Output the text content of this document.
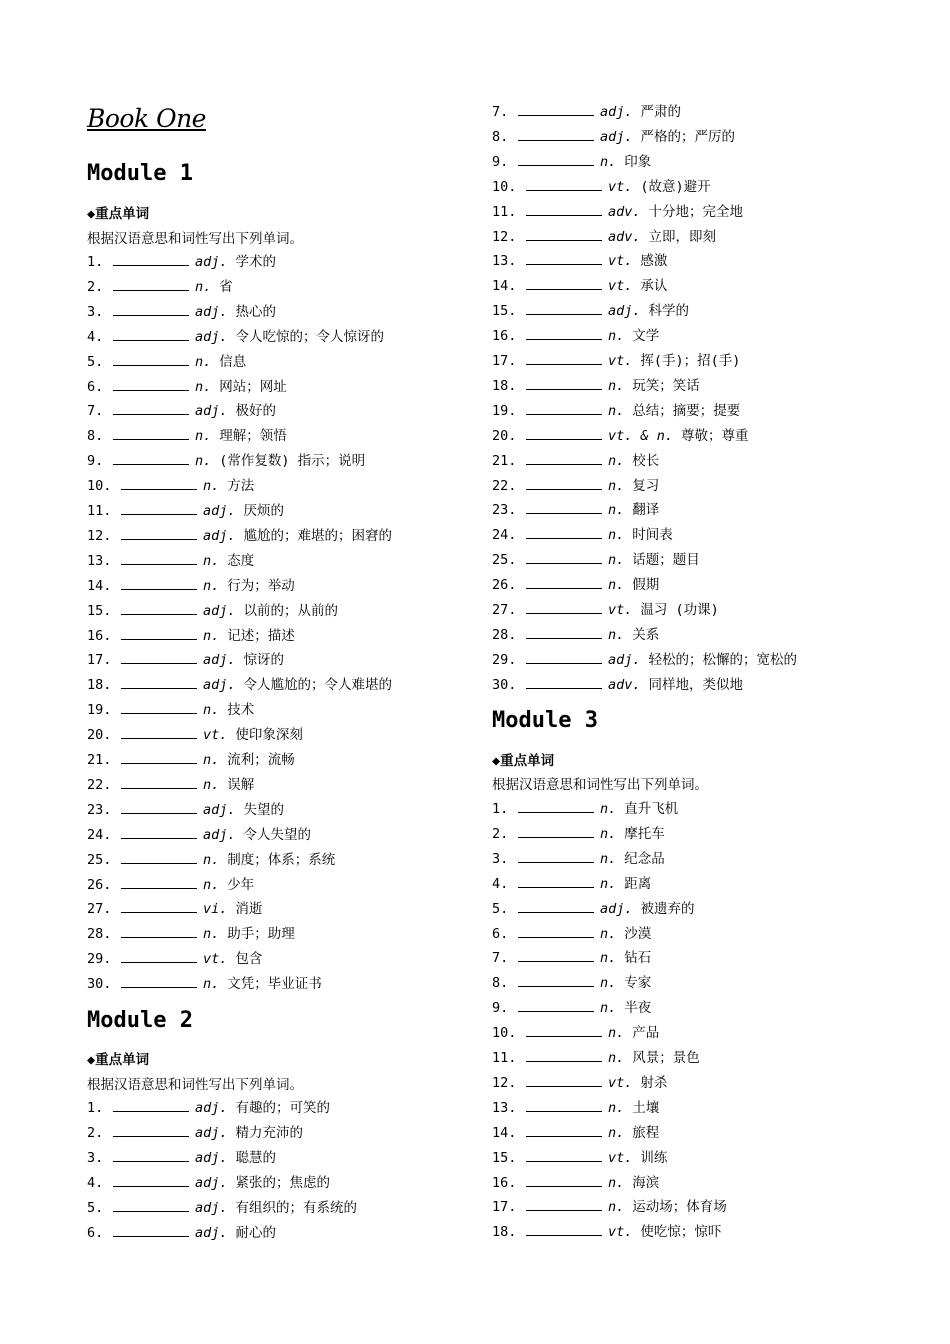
Book One
Module 1
◆重点单词
根据汉语意思和词性写出下列单词。
1.	adj. 学术的
2.	n. 省
3.	adj. 热心的
4.	adj. 令人吃惊的；令人惊讶的
5.	n. 信息
6.	n. 网站；网址
7.	adj. 极好的
8.	n. 理解；领悟
9.	n. (常作复数) 指示；说明
10.	n. 方法
11.	adj. 厌烦的
12.	adj. 尴尬的；难堪的；困窘的
13.	n. 态度
14.	n. 行为；举动
15.	adj. 以前的；从前的
16.	n. 记述；描述
17.	adj. 惊讶的
18.	adj. 令人尴尬的；令人难堪的
19.	n. 技术
20.	vt. 使印象深刻
21.	n. 流利；流畅
22.	n. 误解
23.	adj. 失望的
24.	adj. 令人失望的
25.	n. 制度；体系；系统
26.	n. 少年
27.	vi. 消逝
28.	n. 助手；助理
29.	vt. 包含
30.	n. 文凭；毕业证书
Module 2
◆重点单词
根据汉语意思和词性写出下列单词。
1.	adj. 有趣的；可笑的
2.	adj. 精力充沛的
3.	adj. 聪慧的
4.	adj. 紧张的；焦虑的
5.	adj. 有组织的；有系统的
6.	adj. 耐心的
7.	adj. 严肃的
8.	adj. 严格的；严厉的
9.	n. 印象
10.	vt. (故意)避开
11.	adv. 十分地；完全地
12.	adv. 立即，即刻
13.	vt. 感激
14.	vt. 承认
15.	adj. 科学的
16.	n. 文学
17.	vt. 挥(手)；招(手)
18.	n. 玩笑；笑话
19.	n. 总结；摘要；提要
20.	vt. & n. 尊敬；尊重
21.	n. 校长
22.	n. 复习
23.	n. 翻译
24.	n. 时间表
25.	n. 话题；题目
26.	n. 假期
27.	vt. 温习 (功课)
28.	n. 关系
29.	adj. 轻松的；松懈的；宽松的
30.	adv. 同样地，类似地
Module 3
◆重点单词
根据汉语意思和词性写出下列单词。
1.	n. 直升飞机
2.	n. 摩托车
3.	n. 纪念品
4.	n. 距离
5.	adj. 被遗弃的
6.	n. 沙漠
7.	n. 钻石
8.	n. 专家
9.	n. 半夜
10.	n. 产品
11.	n. 风景；景色
12.	vt. 射杀
13.	n. 土壤
14.	n. 旅程
15.	vt. 训练
16.	n. 海滨
17.	n. 运动场；体育场
18.	vt. 使吃惊；惊吓
